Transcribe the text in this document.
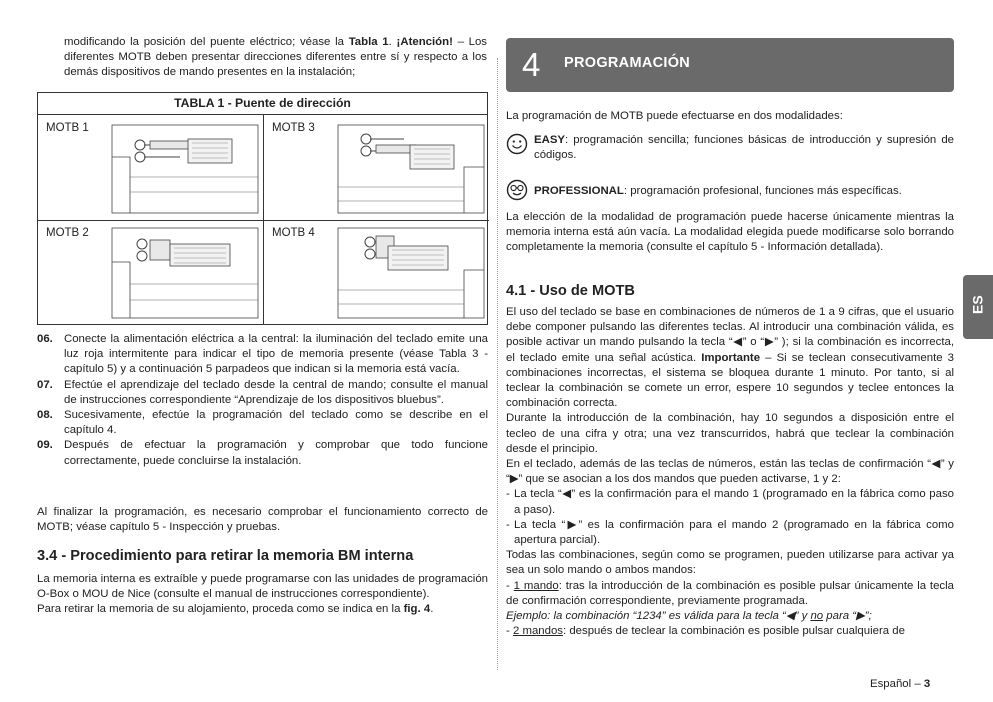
modificando la posición del puente eléctrico; véase la Tabla 1. ¡Atención! – Los diferentes MOTB deben presentar direcciones diferentes entre sí y respecto a los demás dispositivos de mando presentes en la instalación;

TABLA 1 - Puente de dirección
MOTB 1	MOTB 3
MOTB 2	MOTB 4
06. Conecte la alimentación eléctrica a la central: la iluminación del teclado emite una luz roja intermitente para indicar el tipo de memoria presente (véase Tabla 3 - capítulo 5) y a continuación 5 parpadeos que indican si la memoria está vacía.
07. Efectúe el aprendizaje del teclado desde la central de mando; consulte el manual de instrucciones correspondiente “Aprendizaje de los dispositivos bluebus”.
08. Sucesivamente, efectúe la programación del teclado como se describe en el capítulo 4.
09. Después de efectuar la programación y comprobar que todo funcione correctamente, puede concluirse la instalación.

Al finalizar la programación, es necesario comprobar el funcionamiento correcto de MOTB; véase capítulo 5 - Inspección y pruebas.

3.4 - Procedimiento para retirar la memoria BM interna

La memoria interna es extraíble y puede programarse con las unidades de programación O-Box o MOU de Nice (consulte el manual de instrucciones correspondiente).

Para retirar la memoria de su alojamiento, proceda como se indica en la fig. 4.

4 PROGRAMACIÓN

La programación de MOTB puede efectuarse en dos modalidades:

EASY: programación sencilla; funciones básicas de introducción y supresión de códigos.

PROFESSIONAL: programación profesional, funciones más específicas.

La elección de la modalidad de programación puede hacerse únicamente mientras la memoria interna está aún vacía. La modalidad elegida puede modificarse solo borrando completamente la memoria (consulte el capítulo 5 - Información detallada).

4.1 - Uso de MOTB

El uso del teclado se base en combinaciones de números de 1 a 9 cifras, que el usuario debe componer pulsando las diferentes teclas. Al introducir una combinación válida, es posible activar un mando pulsando la tecla “◀” o “▶” ); si la combinación es incorrecta, el teclado emite una señal acústica. Importante – Si se teclean consecutivamente 3 combinaciones incorrectas, el sistema se bloquea durante 1 minuto. Por tanto, si al teclear la combinación se comete un error, espere 10 segundos y teclee entonces la combinación correcta.

Durante la introducción de la combinación, hay 10 segundos a disposición entre el tecleo de una cifra y otra; una vez transcurridos, habrá que teclear la combinación desde el principio.

En el teclado, además de las teclas de números, están las teclas de confirmación “◀” y “▶” que se asocian a los dos mandos que pueden activarse, 1 y 2:

- La tecla “◀” es la confirmación para el mando 1 (programado en la fábrica como paso a paso).
- La tecla “▶” es la confirmación para el mando 2 (programado en la fábrica como apertura parcial).

Todas las combinaciones, según como se programen, pueden utilizarse para activar ya sea un solo mando o ambos mandos:

- 1 mando: tras la introducción de la combinación es posible pulsar únicamente la tecla de confirmación correspondiente, previamente programada.

Ejemplo: la combinación “1234” es válida para la tecla “◀” y no para “▶”;

- 2 mandos: después de teclear la combinación es posible pulsar cualquiera de

ES
Español – 3
